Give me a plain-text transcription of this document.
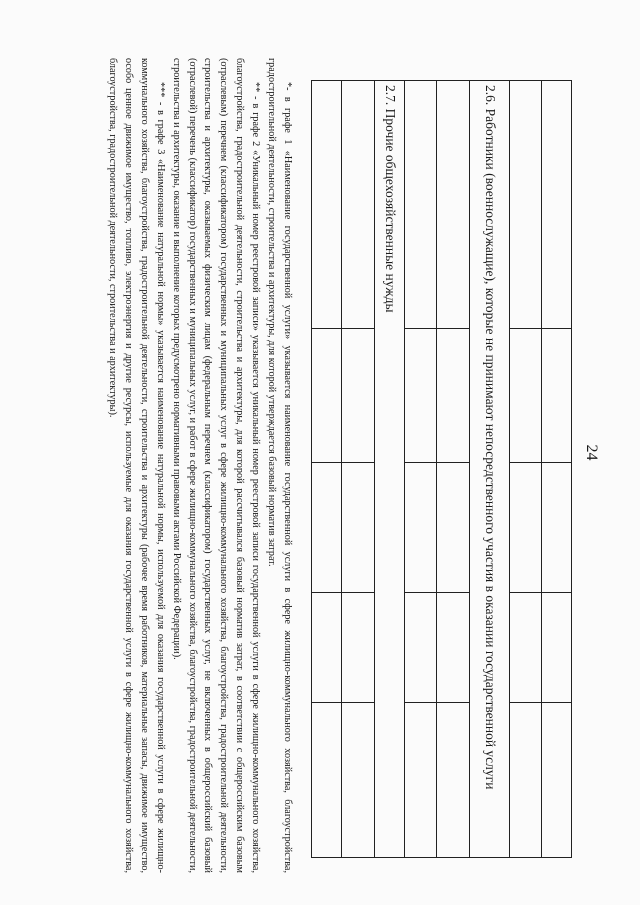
24

2.6. Работники (военнослужащие), которые не принимают непосредственного участия в оказании государственной услуги				

2.7. Прочие общехозяйственные нужды				

*- в графе 1 «Наименование государственной услуги» указывается наименование государственной услуги в сфере жилищно-коммунального хозяйства, благоустройства, градостроительной деятельности, строительства и архитектуры, для которой утверждается базовый норматив затрат.

** - в графе 2 «Уникальный номер реестровой записи» указывается уникальный номер реестровой записи государственной услуги в сфере жилищно-коммунального хозяйства, благоустройства, градостроительной деятельности, строительства и архитектуры, для которой рассчитывался базовый норматив затрат, в соответствии с общероссийским базовым (отраслевым) перечнем (классификатором) государственных и муниципальных услуг в сфере жилищно-коммунального хозяйства, благоустройства, градостроительной деятельности, строительства и архитектуры, оказываемых физическим лицам (федеральным перечнем (классификатором) государственных услуг, не включенных в общероссийский базовый (отраслевой) перечень (классификатор) государственных и муниципальных услуг, и работ в сфере жилищно-коммунального хозяйства, благоустройства, градостроительной деятельности, строительства и архитектуры, оказание и выполнение которых предусмотрено нормативными правовыми актами Российской Федерации).

*** - в графе 3 «Наименование натуральной нормы» указывается наименование натуральной нормы, используемой для оказания государственной услуги в сфере жилищно-коммунального хозяйства, благоустройства, градостроительной деятельности, строительства и архитектуры (рабочее время работников, материальные запасы, движимое имущество, особо ценное движимое имущество, топливо, электроэнергия и другие ресурсы, используемые для оказания государственной услуги в сфере жилищно-коммунального хозяйства, благоустройства, градостроительной деятельности, строительства и архитектуры).
